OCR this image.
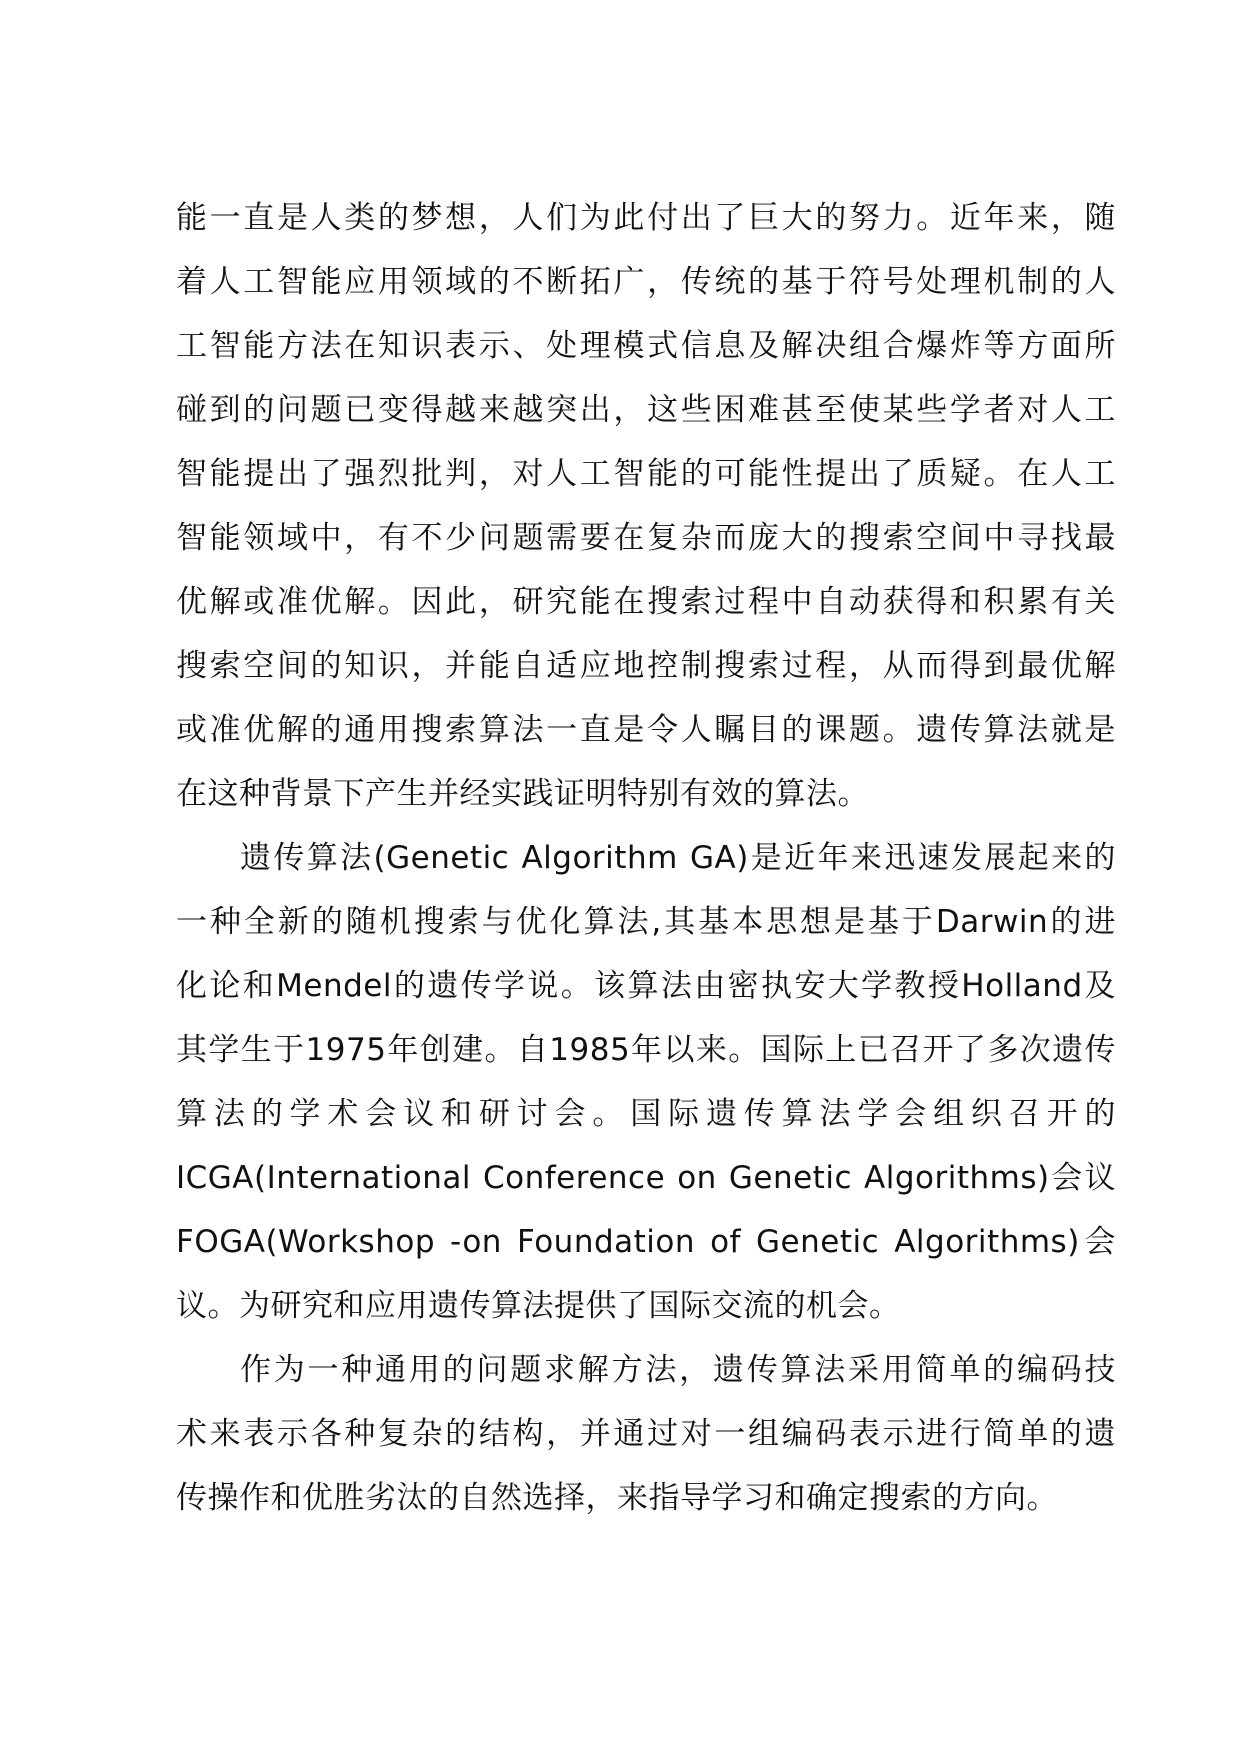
能一直是人类的梦想，人们为此付出了巨大的努力。近年来，随
着人工智能应用领域的不断拓广，传统的基于符号处理机制的人
工智能方法在知识表示、处理模式信息及解决组合爆炸等方面所
碰到的问题已变得越来越突出，这些困难甚至使某些学者对人工
智能提出了强烈批判，对人工智能的可能性提出了质疑。在人工
智能领域中，有不少问题需要在复杂而庞大的搜索空间中寻找最
优解或准优解。因此，研究能在搜索过程中自动获得和积累有关
搜索空间的知识，并能自适应地控制搜索过程，从而得到最优解
或准优解的通用搜索算法一直是令人瞩目的课题。遗传算法就是
在这种背景下产生并经实践证明特别有效的算法。
遗传算法(Genetic Algorithm GA)是近年来迅速发展起来的
一种全新的随机搜索与优化算法,其基本思想是基于Darwin的进
化论和Mendel的遗传学说。该算法由密执安大学教授Holland及
其学生于1975年创建。自1985年以来。国际上已召开了多次遗传
算法的学术会议和研讨会。国际遗传算法学会组织召开的
ICGA(International Conference on Genetic Algorithms)会议
FOGA(Workshop -on Foundation of Genetic Algorithms)会
议。为研究和应用遗传算法提供了国际交流的机会。
作为一种通用的问题求解方法，遗传算法采用简单的编码技
术来表示各种复杂的结构，并通过对一组编码表示进行简单的遗
传操作和优胜劣汰的自然选择，来指导学习和确定搜索的方向。
